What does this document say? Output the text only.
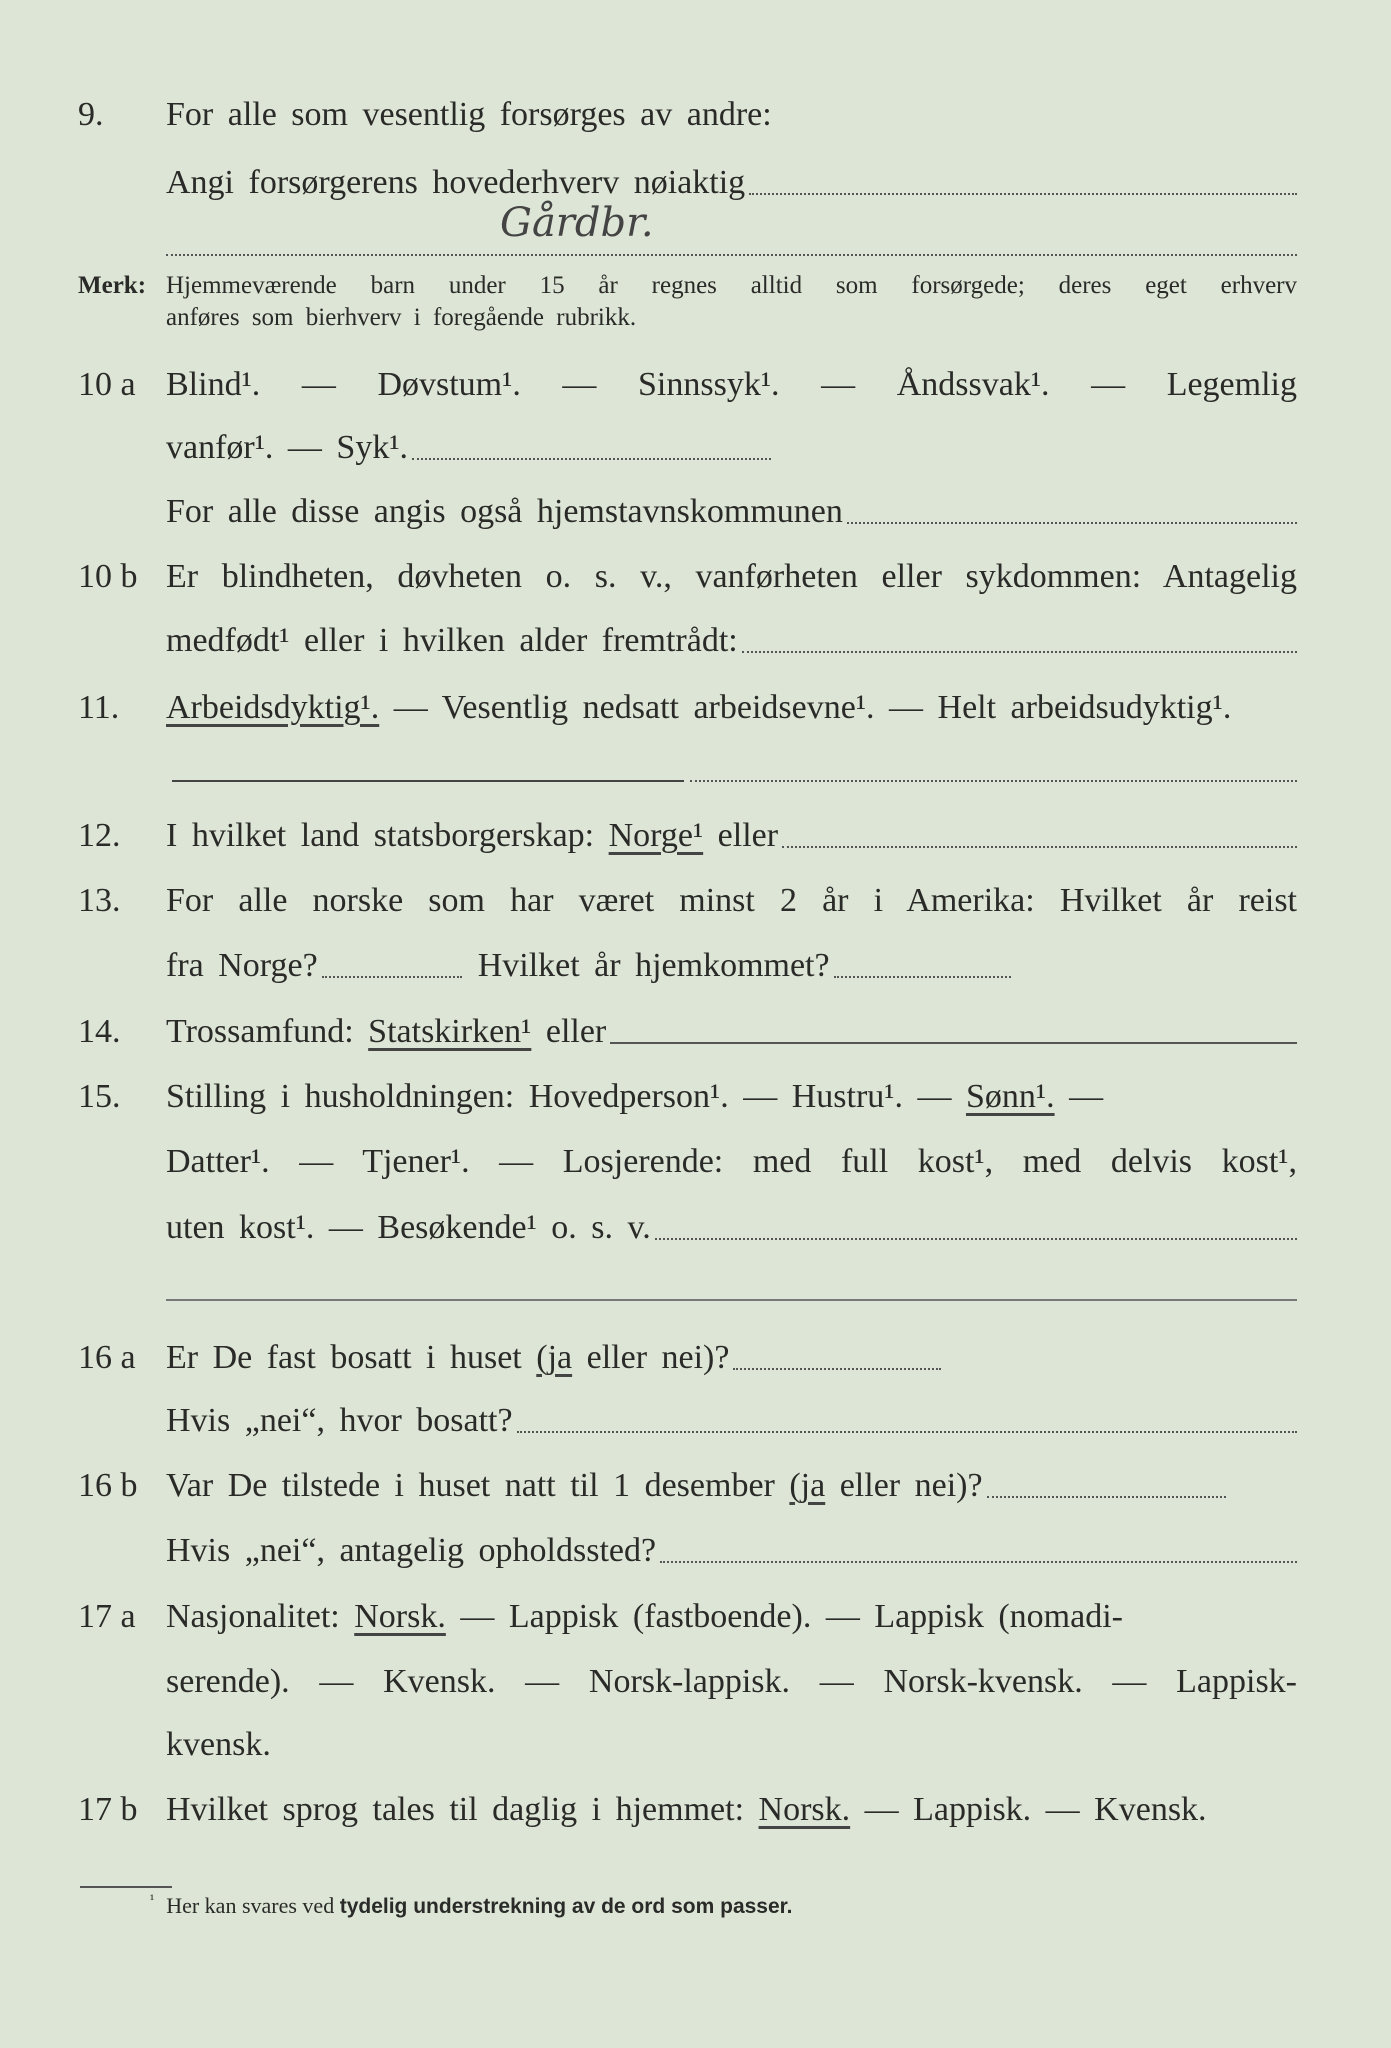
9.	For alle som vesentlig forsørges av andre:
Angi forsørgerens hovederhverv nøiaktig
Gårdbr.
Merk: Hjemmeværende barn under 15 år regnes alltid som forsørgede; deres eget erhverv
anføres som bierhverv i foregående rubrikk.
10 a Blind¹. — Døvstum¹. — Sinnssyk¹. — Åndssvak¹. — Legemlig
vanfør¹. — Syk¹.
For alle disse angis også hjemstavnskommunen
10 b Er blindheten, døvheten o. s. v., vanførheten eller sykdommen: Antagelig
medfødt¹ eller i hvilken alder fremtrådt:
11.	Arbeidsdyktig¹. — Vesentlig nedsatt arbeidsevne¹. — Helt arbeidsudyktig¹.
12.	I hvilket land statsborgerskap: Norge¹ eller
13.	For alle norske som har været minst 2 år i Amerika: Hvilket år reist
fra Norge?	Hvilket år hjemkommet?
14.	Trossamfund: Statskirken¹ eller
15.	Stilling i husholdningen: Hovedperson¹. — Hustru¹. — Sønn¹. —
Datter¹. — Tjener¹. — Losjerende: med full kost¹, med delvis kost¹,
uten kost¹. — Besøkende¹ o. s. v.
16 a Er De fast bosatt i huset (ja eller nei)?
Hvis „nei“, hvor bosatt?
16 b Var De tilstede i huset natt til 1 desember (ja eller nei)?
Hvis „nei“, antagelig opholdssted?
17 a Nasjonalitet: Norsk. — Lappisk (fastboende). — Lappisk (nomadi-
serende). — Kvensk. — Norsk-lappisk. — Norsk-kvensk. — Lappisk-
kvensk.
17 b Hvilket sprog tales til daglig i hjemmet: Norsk. — Lappisk. — Kvensk.
$^{^1}$ Her kan svares ved tydelig understrekning av de ord som passer.
